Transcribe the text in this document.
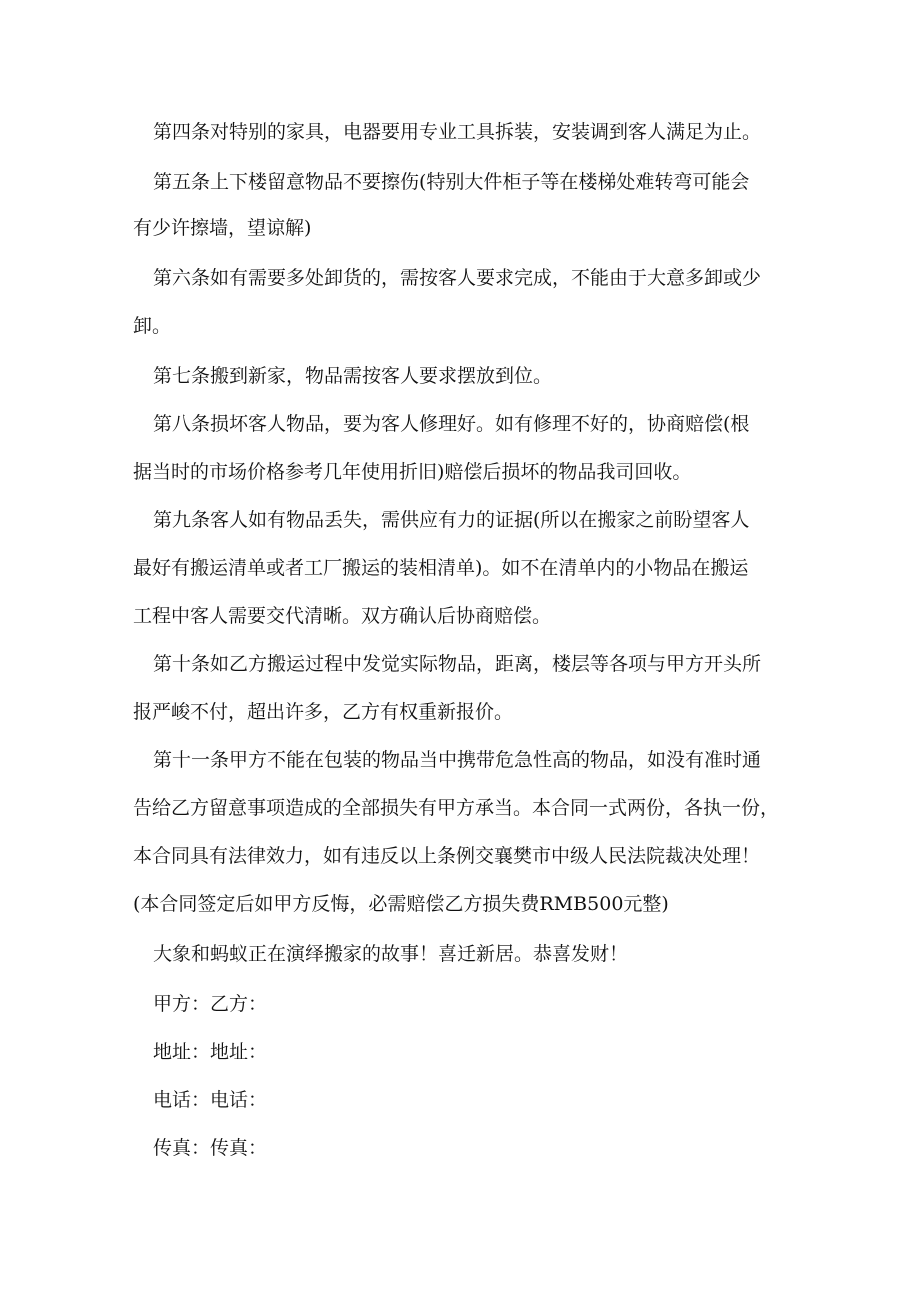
第四条对特别的家具，电器要用专业工具拆装，安装调到客人满足为止。
第五条上下楼留意物品不要擦伤(特别大件柜子等在楼梯处难转弯可能会
有少许擦墙，望谅解)
第六条如有需要多处卸货的，需按客人要求完成，不能由于大意多卸或少
卸。
第七条搬到新家，物品需按客人要求摆放到位。
第八条损坏客人物品，要为客人修理好。如有修理不好的，协商赔偿(根
据当时的市场价格参考几年使用折旧)赔偿后损坏的物品我司回收。
第九条客人如有物品丢失，需供应有力的证据(所以在搬家之前盼望客人
最好有搬运清单或者工厂搬运的装相清单)。如不在清单内的小物品在搬运
工程中客人需要交代清晰。双方确认后协商赔偿。
第十条如乙方搬运过程中发觉实际物品，距离，楼层等各项与甲方开头所
报严峻不付，超出许多，乙方有权重新报价。
第十一条甲方不能在包装的物品当中携带危急性高的物品，如没有准时通
告给乙方留意事项造成的全部损失有甲方承当。本合同一式两份，各执一份，
本合同具有法律效力，如有违反以上条例交襄樊市中级人民法院裁决处理！
(本合同签定后如甲方反悔，必需赔偿乙方损失费RMB500元整)
大象和蚂蚁正在演绎搬家的故事！喜迁新居。恭喜发财！
甲方：乙方：
地址：地址：
电话：电话：
传真：传真：
